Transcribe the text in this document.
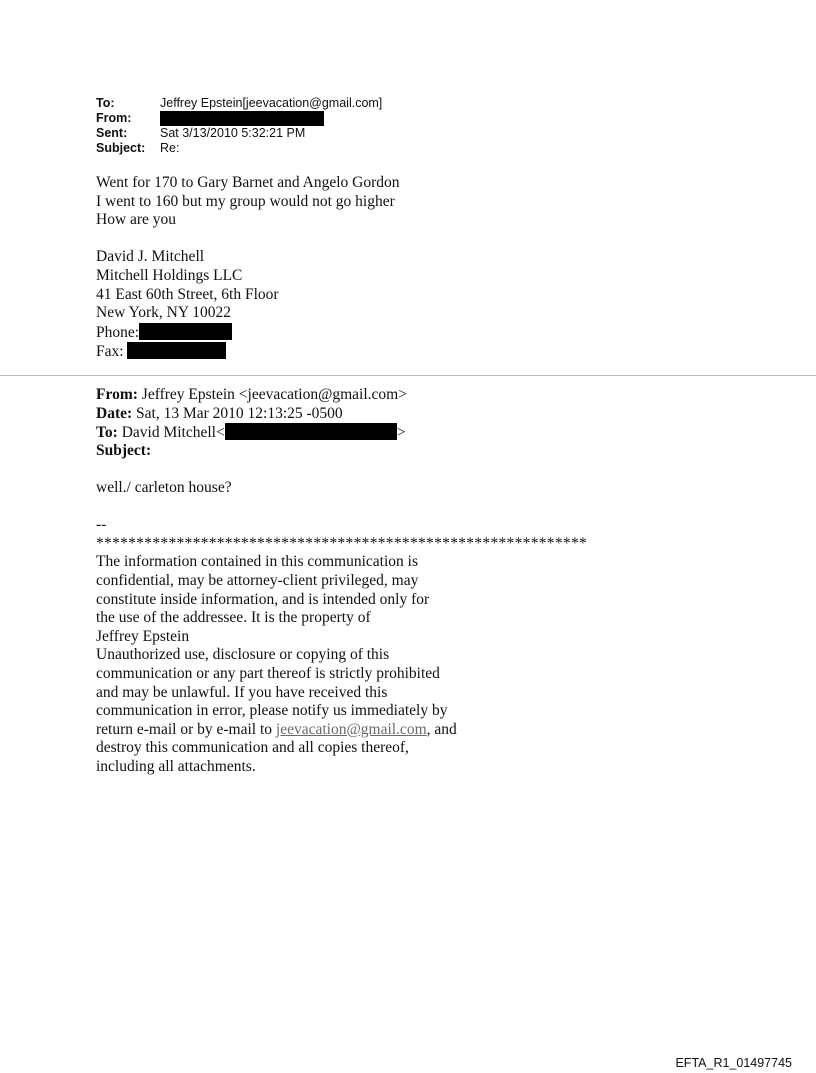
To:	Jeffrey Epstein[jeevacation@gmail.com]
From:
Sent:	Sat 3/13/2010 5:32:21 PM
Subject:	Re:
Went for 170 to Gary Barnet and Angelo Gordon
I went to 160 but my group would not go higher
How are you
David J. Mitchell
Mitchell Holdings LLC
41 East 60th Street, 6th Floor
New York, NY 10022
Phone:
Fax:
From: Jeffrey Epstein <jeevacation@gmail.com>
Date: Sat, 13 Mar 2010 12:13:25 -0500
To: David Mitchell<	>
Subject:
well./ carleton house?
--
*************************************************************
The information contained in this communication is
confidential, may be attorney-client privileged, may
constitute inside information, and is intended only for
the use of the addressee. It is the property of
Jeffrey Epstein
Unauthorized use, disclosure or copying of this
communication or any part thereof is strictly prohibited
and may be unlawful. If you have received this
communication in error, please notify us immediately by
return e-mail or by e-mail to jeevacation@gmail.com, and
destroy this communication and all copies thereof,
including all attachments.
EFTA_R1_01497745
